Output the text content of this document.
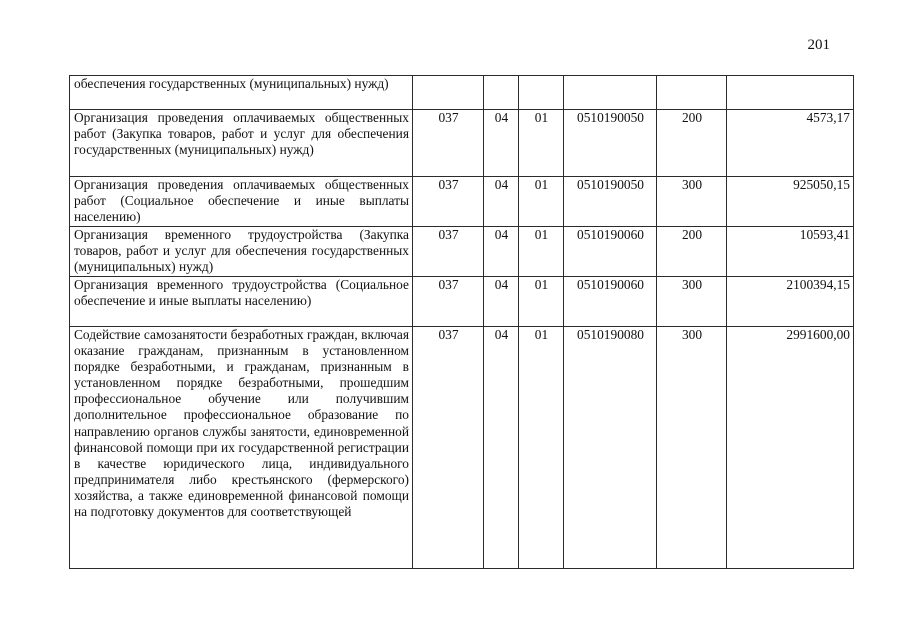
201
обеспечения государственных (муниципальных) нужд)						
Организация проведения оплачиваемых общественных работ (Закупка товаров, работ и услуг для обеспечения государственных (муниципальных) нужд)	037	04	01	0510190050	200	4573,17
Организация проведения оплачиваемых общественных работ (Социальное обеспечение и иные выплаты населению)	037	04	01	0510190050	300	925050,15
Организация временного трудоустройства (Закупка товаров, работ и услуг для обеспечения государственных (муниципальных) нужд)	037	04	01	0510190060	200	10593,41
Организация временного трудоустройства (Социальное обеспечение и иные выплаты населению)	037	04	01	0510190060	300	2100394,15
Содействие самозанятости безработных граждан, включая оказание гражданам, признанным в установленном порядке безработными, и гражданам, признанным в установленном порядке безработными, прошедшим профессиональное обучение или получившим дополнительное профессиональное образование по направлению органов службы занятости, единовременной финансовой помощи при их государственной регистрации в качестве юридического лица, индивидуального предпринимателя либо крестьянского (фермерского) хозяйства, а также единовременной финансовой помощи на подготовку документов для соответствующей	037	04	01	0510190080	300	2991600,00
